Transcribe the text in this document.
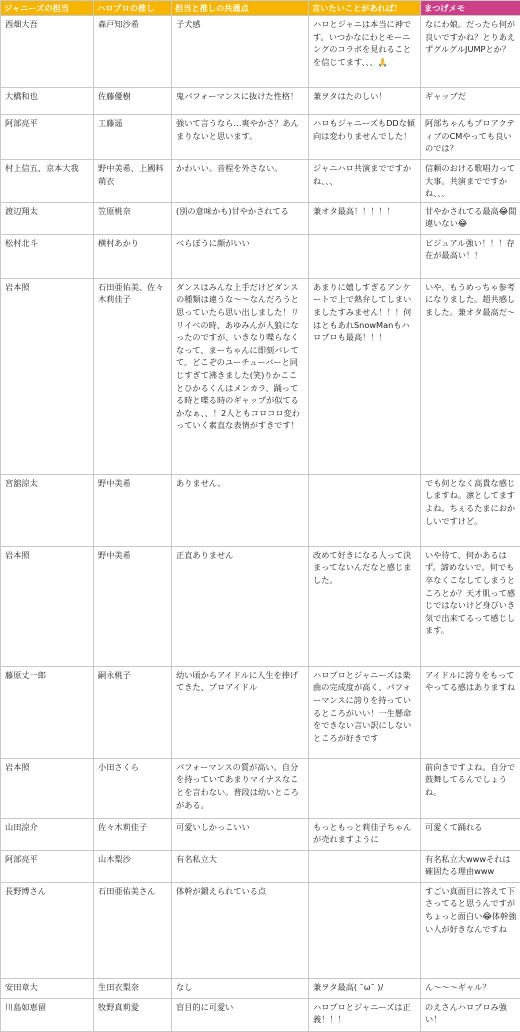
ジャニーズの担当	ハロプロの推し	担当と推しの共通点	言いたいことがあれば！	まつげメモ
西畑大吾	森戸知沙希	子犬感	ハロとジャニは本当に神です。いつかなにわとモーニングのコラボを見れることを信じてます、、、🙏	なにわ娘。だったら何が良いですかね？とりあえずグルグルJUMPとか？
大橋和也	佐藤優樹	鬼パフォーマンスに抜けた性格！	兼ヲタはたのしい！	ギャップだ
阿部亮平	工藤遥	強いて言うなら…爽やかさ？あんまりないと思います。	ハロもジャニーズもDDな傾向は変わりませんでした！	阿部ちゃんもプロアクティブのCMやっても良いのでは？
村上信五、京本大我	野中美希、上國料萌衣	かわいい。音程を外さない。	ジャニハロ共演までですかね、、、	信頼のおける歌唱力って大事。共演までですかね、、、
渡辺翔太	笠原桃奈	(別の意味かも)甘やかされてる	兼オタ最高！！！！！	甘やかされてる最高😂間違いない😂
松村北斗	横村あかり	べらぼうに顔がいい		ビジュアル強い！！！存在が最高い！！
岩本照	石田亜佑美、佐々木莉佳子	ダンスはみんな上手だけどダンスの種類は違うな〜〜なんだろうと思っていたら思い出しました！リリイベの時、あゆみんが人狼になったのですが、いきなり喋らなくなって、まーちゃんに即刻バレてて、どこぞのユーチューバーと同じすぎて沸きました(笑)りかこことひかるくんはメンカラ、踊ってる時と喋る時のギャップが似てるかなぁ、、！2人ともコロコロ変わっていく素直な表情がすきです！	あまりに嬉しすぎるアンケートで上で熱弁してしまいましたすみません！！！何はともあれSnowManもハロプロも最高！！！	いや、もうめっちゃ参考になりました。超共感しました。兼オタ最高だ〜
宮舘涼太	野中美希	ありません。		でも何となく高貴な感じしますね。凛としてますよね。ちぇるたまにおかしいですけど。
岩本照	野中美希	正直ありません	改めて好きになる人って決まってないんだなと感じました。	いや待て、何かあるはず。諦めないで。何でも卒なくこなしてしまうところとか？天才肌って感じではないけど身びいき気で出来てるって感じします。
藤原丈一郎	嗣永桃子	幼い頃からアイドルに人生を捧げてきた、プロアイドル	ハロプロとジャニーズは楽曲の完成度が高く、パフォーマンスに誇りを持っているところがいい！一生懸命をできない言い訳にしないところが好きです	アイドルに誇りをもってやってる感はありますね
岩本照	小田さくら	パフォーマンスの質が高い。自分を持っていてあまりマイナスなことを言わない。普段は幼いところがある。		前向きですよね。自分で鼓舞してるんでしょうね。
山田涼介	佐々木莉佳子	可愛いしかっこいい	もっともっと莉佳子ちゃんが売れますように	可愛くて踊れる
阿部亮平	山木梨沙	有名私立大		有名私立大wwwそれは確固たる理由www
長野博さん	石田亜佑美さん	体幹が鍛えられている点		すごい真面目に答えて下さってると思うんですがちょっと面白い😂体幹強い人が好きなんですね
安田章大	生田衣梨奈	なし	兼ヲタ最高( ˘ω˘ )/	ん〜〜〜ギャル？
川島如恵留	牧野真莉愛	盲目的に可愛い	ハロプロとジャニーズは正義！！！	のえさんハロプロみ強い！
